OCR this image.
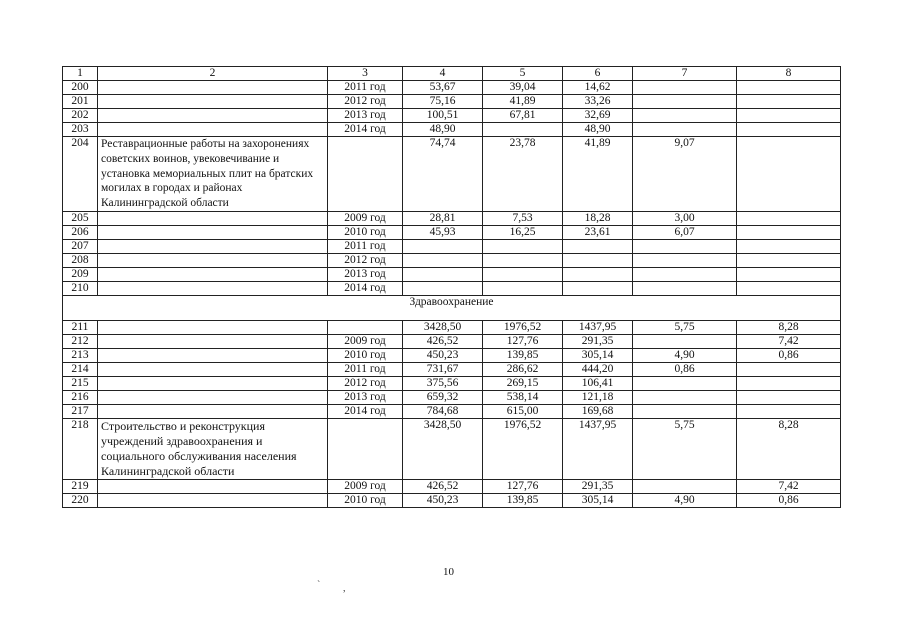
1	2	3	4	5	6	7	8
200		2011 год	53,67	39,04	14,62		
201		2012 год	75,16	41,89	33,26		
202		2013 год	100,51	67,81	32,69		
203		2014 год	48,90		48,90		
204	Реставрационные работы на захоронениях советских воинов, увековечивание и установка мемориальных плит на братских могилах в городах и районах Калининградской области		74,74	23,78	41,89	9,07	
205		2009 год	28,81	7,53	18,28	3,00	
206		2010 год	45,93	16,25	23,61	6,07	
207		2011 год					
208		2012 год					
209		2013 год					
210		2014 год					
Здравоохранение							
211			3428,50	1976,52	1437,95	5,75	8,28
212		2009 год	426,52	127,76	291,35		7,42
213		2010 год	450,23	139,85	305,14	4,90	0,86
214		2011 год	731,67	286,62	444,20	0,86	
215		2012 год	375,56	269,15	106,41		
216		2013 год	659,32	538,14	121,18		
217		2014 год	784,68	615,00	169,68		
218	Строительство и реконструкция учреждений здравоохранения и социального обслуживания населения Калининградской области		3428,50	1976,52	1437,95	5,75	8,28
219		2009 год	426,52	127,76	291,35		7,42
220		2010 год	450,23	139,85	305,14	4,90	0,86
10
` ,
